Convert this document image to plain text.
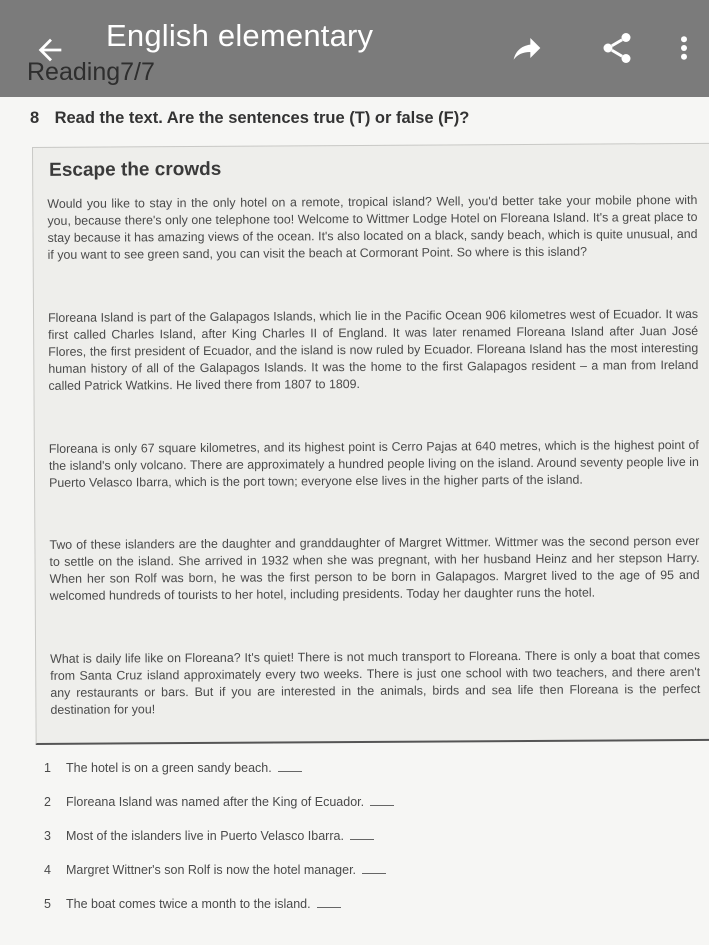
English elementary
Reading7/7
8 Read the text. Are the sentences true (T) or false (F)?
Escape the crowds

Would you like to stay in the only hotel on a remote, tropical island? Well, you'd better take your mobile phone with you, because there's only one telephone too! Welcome to Wittmer Lodge Hotel on Floreana Island. It's a great place to stay because it has amazing views of the ocean. It's also located on a black, sandy beach, which is quite unusual, and if you want to see green sand, you can visit the beach at Cormorant Point. So where is this island?

Floreana Island is part of the Galapagos Islands, which lie in the Pacific Ocean 906 kilometres west of Ecuador. It was first called Charles Island, after King Charles II of England. It was later renamed Floreana Island after Juan José Flores, the first president of Ecuador, and the island is now ruled by Ecuador. Floreana Island has the most interesting human history of all of the Galapagos Islands. It was the home to the first Galapagos resident – a man from Ireland called Patrick Watkins. He lived there from 1807 to 1809.

Floreana is only 67 square kilometres, and its highest point is Cerro Pajas at 640 metres, which is the highest point of the island's only volcano. There are approximately a hundred people living on the island. Around seventy people live in Puerto Velasco Ibarra, which is the port town; everyone else lives in the higher parts of the island.

Two of these islanders are the daughter and granddaughter of Margret Wittmer. Wittmer was the second person ever to settle on the island. She arrived in 1932 when she was pregnant, with her husband Heinz and her stepson Harry. When her son Rolf was born, he was the first person to be born in Galapagos. Margret lived to the age of 95 and welcomed hundreds of tourists to her hotel, including presidents. Today her daughter runs the hotel.

What is daily life like on Floreana? It's quiet! There is not much transport to Floreana. There is only a boat that comes from Santa Cruz island approximately every two weeks. There is just one school with two teachers, and there aren't any restaurants or bars. But if you are interested in the animals, birds and sea life then Floreana is the perfect destination for you!

1 The hotel is on a green sandy beach.
2 Floreana Island was named after the King of Ecuador.
3 Most of the islanders live in Puerto Velasco Ibarra.
4 Margret Wittner's son Rolf is now the hotel manager.
5 The boat comes twice a month to the island.
